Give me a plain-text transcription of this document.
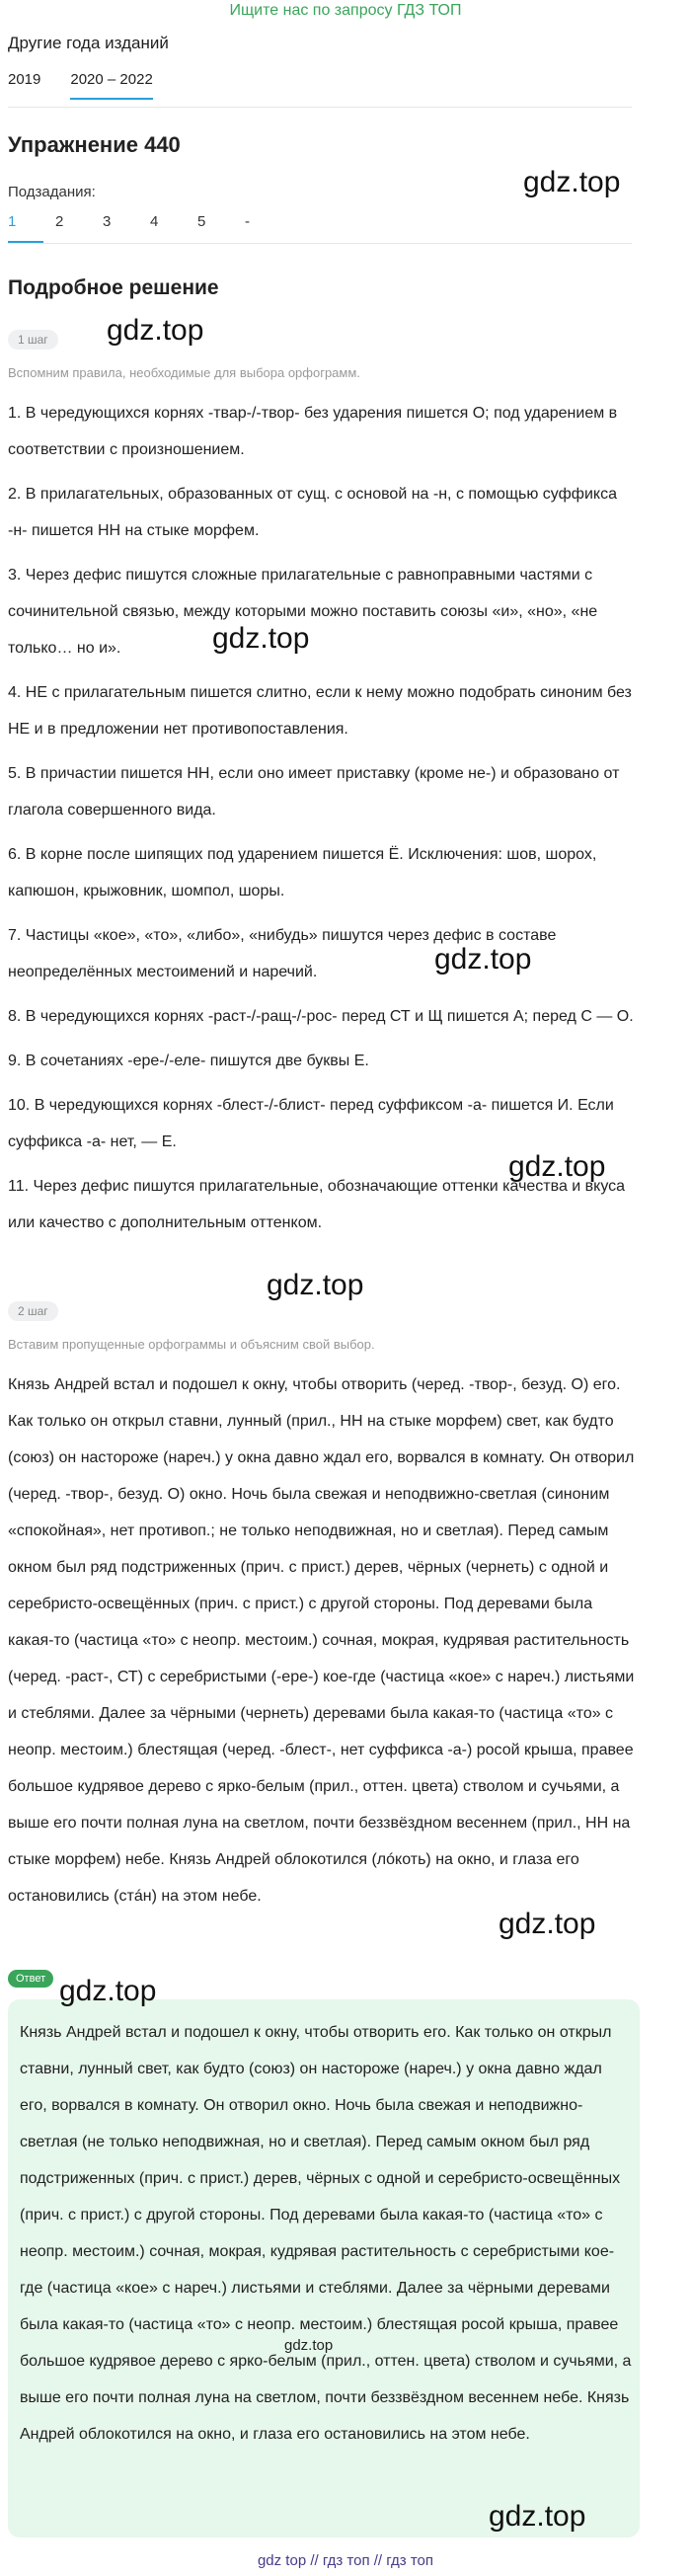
Ищите нас по запросу ГДЗ ТОП
Другие года изданий
2019 2020 – 2022
Упражнение 440
gdz.top
Подзадания:
1	2	3	4	5	-
Подробное решение
1 шаг	gdz.top
Вспомним правила, необходимые для выбора орфограмм.

1. В чередующихся корнях -твар-/-твор- без ударения пишется О; под ударением в соответствии с произношением.

2. В прилагательных, образованных от сущ. с основой на -н, с помощью суффикса -н- пишется НН на стыке морфем.

3. Через дефис пишутся сложные прилагательные с равноправными частями с сочинительной связью, между которыми можно поставить союзы «и», «но», «не только… но и».

4. НЕ с прилагательным пишется слитно, если к нему можно подобрать синоним без НЕ и в предложении нет противопоставления.

5. В причастии пишется НН, если оно имеет приставку (кроме не-) и образовано от глагола совершенного вида.

6. В корне после шипящих под ударением пишется Ё. Исключения: шов, шорох, капюшон, крыжовник, шомпол, шоры.

7. Частицы «кое», «то», «либо», «нибудь» пишутся через дефис в составе неопределённых местоимений и наречий.

8. В чередующихся корнях -раст-/-ращ-/-рос- перед СТ и Щ пишется А; перед С — О.

9. В сочетаниях -ере-/-еле- пишутся две буквы Е.

10. В чередующихся корнях -блест-/-блист- перед суффиксом -а- пишется И. Если суффикса -а- нет, — Е.

11. Через дефис пишутся прилагательные, обозначающие оттенки качества и вкуса или качество с дополнительным оттенком.

gdz.top
gdz.top
gdz.top
gdz.top
2 шаг
Вставим пропущенные орфограммы и объясним свой выбор.
Князь Андрей встал и подошел к окну, чтобы отворить (черед. -твор-, безуд. О) его. Как только он открыл ставни, лунный (прил., НН на стыке морфем) свет, как будто (союз) он настороже (нареч.) у окна давно ждал его, ворвался в комнату. Он отворил (черед. -твор-, безуд. О) окно. Ночь была свежая и неподвижно-светлая (синоним «спокойная», нет противоп.; не только неподвижная, но и светлая). Перед самым окном был ряд подстриженных (прич. с прист.) дерев, чёрных (чернеть) с одной и серебристо-освещённых (прич. с прист.) с другой стороны. Под деревами была какая-то (частица «то» с неопр. местоим.) сочная, мокрая, кудрявая растительность (черед. -раст-, СТ) с серебристыми (-ере-) кое-где (частица «кое» с нареч.) листьями и стеблями. Далее за чёрными (чернеть) деревами была какая-то (частица «то» с неопр. местоим.) блестящая (черед. -блест-, нет суффикса -а-) росой крыша, правее большое кудрявое дерево с ярко-белым (прил., оттен. цвета) стволом и сучьями, а выше его почти полная луна на светлом, почти беззвёздном весеннем (прил., НН на стыке морфем) небе. Князь Андрей облокотился (лóкоть) на окно, и глаза его остановились (стáн) на этом небе.
gdz.top
Ответ gdz.top
Князь Андрей встал и подошел к окну, чтобы отворить его. Как только он открыл ставни, лунный свет, как будто (союз) он настороже (нареч.) у окна давно ждал его, ворвался в комнату. Он отворил окно. Ночь была свежая и неподвижно-светлая (не только неподвижная, но и светлая). Перед самым окном был ряд подстриженных (прич. с прист.) дерев, чёрных с одной и серебристо-освещённых (прич. с прист.) с другой стороны. Под деревами была какая-то (частица «то» с неопр. местоим.) сочная, мокрая, кудрявая растительность с серебристыми кое-где (частица «кое» с нареч.) листьями и стеблями. Далее за чёрными деревами была какая-то (частица «то» с неопр. местоим.) блестящая росой крыша, правее большое кудрявое дерево с ярко-белым (прил., оттен. цвета) стволом и сучьями, а выше его почти полная луна на светлом, почти беззвёздном весеннем небе. Князь Андрей облокотился на окно, и глаза его остановились на этом небе.
gdz.top
gdz.top
gdz top // гдз топ // гдз топ
